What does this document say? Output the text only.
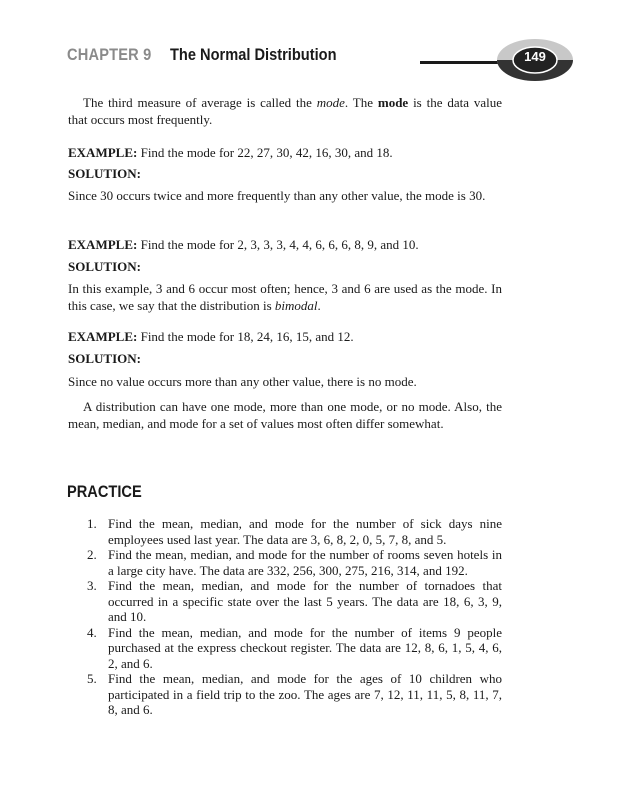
CHAPTER 9 The Normal Distribution	149

The third measure of average is called the mode. The mode is the data value that occurs most frequently.

EXAMPLE: Find the mode for 22, 27, 30, 42, 16, 30, and 18.

SOLUTION:

Since 30 occurs twice and more frequently than any other value, the mode is 30.

EXAMPLE: Find the mode for 2, 3, 3, 3, 4, 4, 6, 6, 6, 8, 9, and 10.

SOLUTION:

In this example, 3 and 6 occur most often; hence, 3 and 6 are used as the mode. In this case, we say that the distribution is bimodal.

EXAMPLE: Find the mode for 18, 24, 16, 15, and 12.

SOLUTION:

Since no value occurs more than any other value, there is no mode.

A distribution can have one mode, more than one mode, or no mode. Also, the mean, median, and mode for a set of values most often differ somewhat.

PRACTICE
1. Find the mean, median, and mode for the number of sick days nine employees used last year. The data are 3, 6, 8, 2, 0, 5, 7, 8, and 5.
2. Find the mean, median, and mode for the number of rooms seven hotels in a large city have. The data are 332, 256, 300, 275, 216, 314, and 192.
3. Find the mean, median, and mode for the number of tornadoes that occurred in a specific state over the last 5 years. The data are 18, 6, 3, 9, and 10.
4. Find the mean, median, and mode for the number of items 9 people purchased at the express checkout register. The data are 12, 8, 6, 1, 5, 4, 6, 2, and 6.
5. Find the mean, median, and mode for the ages of 10 children who participated in a field trip to the zoo. The ages are 7, 12, 11, 11, 5, 8, 11, 7, 8, and 6.
